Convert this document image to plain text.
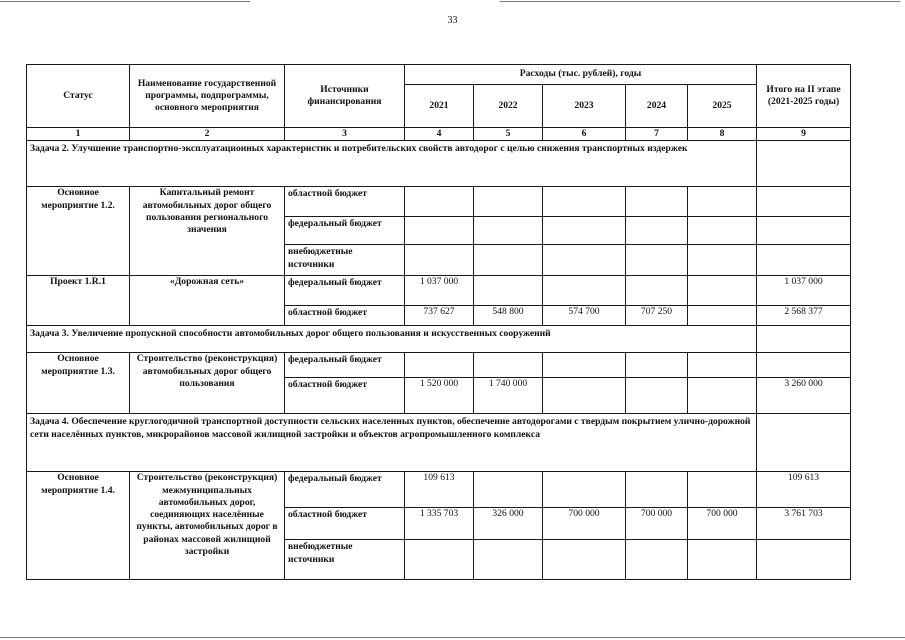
33
Статус	Наименование государственной программы, подпрограммы, основного мероприятия	Источники финансирования	Расходы (тыс. рублей), годы					Итого на II этапе (2021-2025 годы)
			2021	2022	2023	2024	2025	
1	2	3	4	5	6	7	8	9
Задача 2. Улучшение транспортно-эксплуатационных характеристик и потребительских свойств автодорог с целью снижения транспортных издержек								
Основное мероприятие 1.2.	Капитальный ремонт автомобильных дорог общего пользования регионального значения	областной бюджет						
		федеральный бюджет						
		внебюджетные источники						
Проект 1.R.1	«Дорожная сеть»	федеральный бюджет	1 037 000					1 037 000
		областной бюджет	737 627	548 800	574 700	707 250		2 568 377
Задача 3. Увеличение пропускной способности автомобильных дорог общего пользования и искусственных сооружений								
Основное мероприятие 1.3.	Строительство (реконструкция) автомобильных дорог общего пользования	федеральный бюджет						
		областной бюджет	1 520 000	1 740 000				3 260 000
Задача 4. Обеспечение круглогодичной транспортной доступности сельских населенных пунктов, обеспечение автодорогами с твердым покрытием улично-дорожной сети населённых пунктов, микрорайонов массовой жилищной застройки и объектов агропромышленного комплекса								
Основное мероприятие 1.4.	Строительство (реконструкция) межмуниципальных автомобильных дорог, соединяющих населённые пункты, автомобильных дорог в районах массовой жилищной застройки	федеральный бюджет	109 613					109 613
		областной бюджет	1 335 703	326 000	700 000	700 000	700 000	3 761 703
		внебюджетные источники						
